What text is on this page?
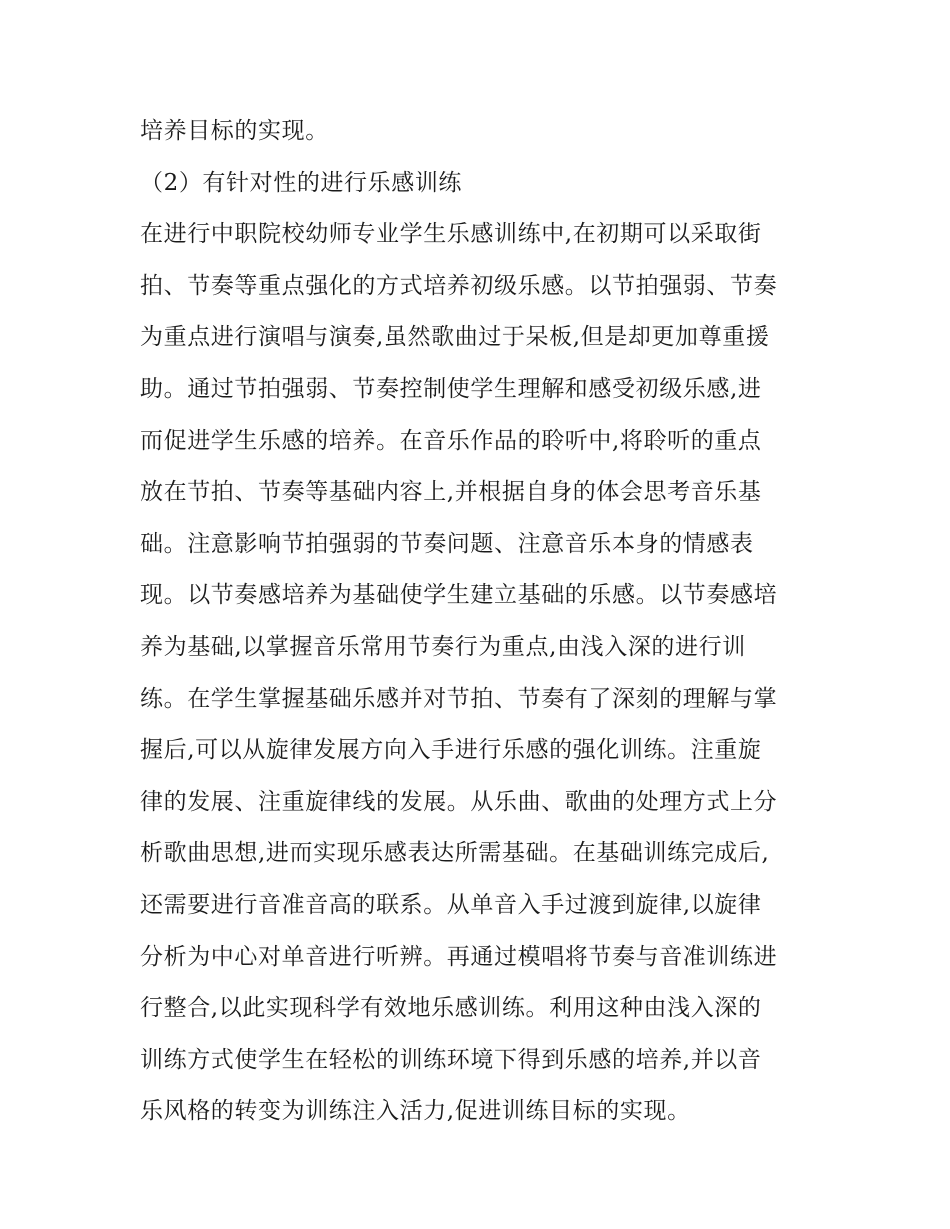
培养目标的实现。
（2）有针对性的进行乐感训练
在进行中职院校幼师专业学生乐感训练中,在初期可以采取街
拍、节奏等重点强化的方式培养初级乐感。以节拍强弱、节奏
为重点进行演唱与演奏,虽然歌曲过于呆板,但是却更加尊重援
助。通过节拍强弱、节奏控制使学生理解和感受初级乐感,进
而促进学生乐感的培养。在音乐作品的聆听中,将聆听的重点
放在节拍、节奏等基础内容上,并根据自身的体会思考音乐基
础。注意影响节拍强弱的节奏问题、注意音乐本身的情感表
现。以节奏感培养为基础使学生建立基础的乐感。以节奏感培
养为基础,以掌握音乐常用节奏行为重点,由浅入深的进行训
练。在学生掌握基础乐感并对节拍、节奏有了深刻的理解与掌
握后,可以从旋律发展方向入手进行乐感的强化训练。注重旋
律的发展、注重旋律线的发展。从乐曲、歌曲的处理方式上分
析歌曲思想,进而实现乐感表达所需基础。在基础训练完成后,
还需要进行音准音高的联系。从单音入手过渡到旋律,以旋律
分析为中心对单音进行听辨。再通过模唱将节奏与音准训练进
行整合,以此实现科学有效地乐感训练。利用这种由浅入深的
训练方式使学生在轻松的训练环境下得到乐感的培养,并以音
乐风格的转变为训练注入活力,促进训练目标的实现。
